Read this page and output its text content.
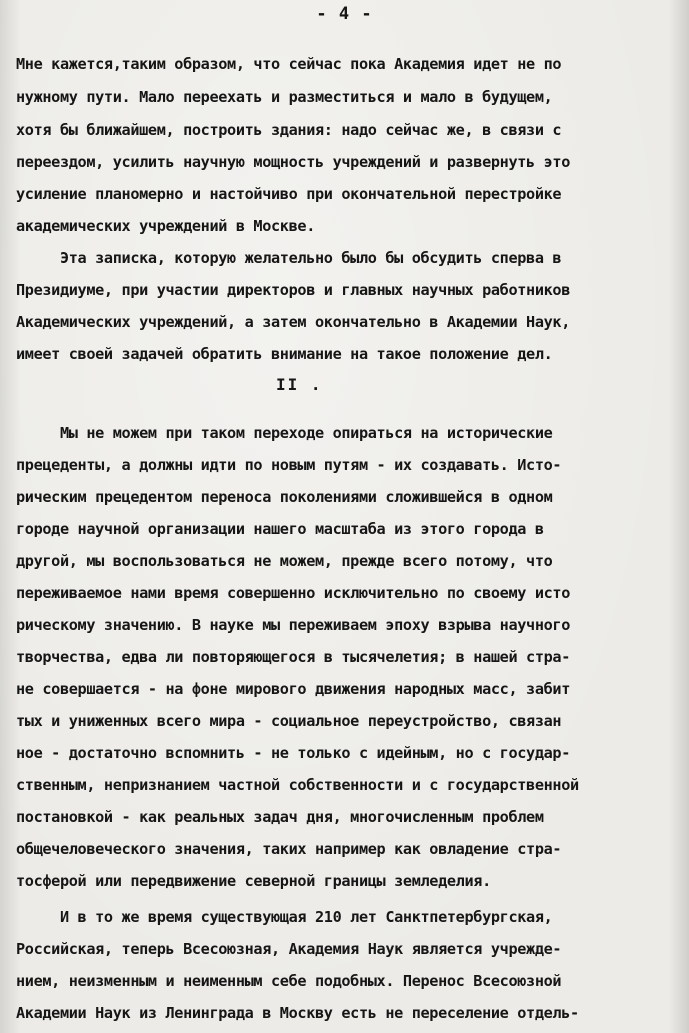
- 4 -
Мне кажется,таким образом, что сейчас пока Академия идет не по
нужному пути. Мало переехать и разместиться и мало в будущем,
хотя бы ближайшем, построить здания: надо сейчас же, в связи с
переездом, усилить научную мощность учреждений и развернуть это
усиление планомерно и настойчиво при окончательной перестройке
академических учреждений в Москве.
Эта записка, которую желательно было бы обсудить сперва в
Президиуме, при участии директоров и главных научных работников
Академических учреждений, а затем окончательно в Академии Наук,
имеет своей задачей обратить внимание на такое положение дел.
II .
Мы не можем при таком переходе опираться на исторические
прецеденты, а должны идти по новым путям - их создавать. Исто-
рическим прецедентом переноса поколениями сложившейся в одном
городе научной организации нашего масштаба из этого города в
другой, мы воспользоваться не можем, прежде всего потому, что
переживаемое нами время совершенно исключительно по своему исто
рическому значению. В науке мы переживаем эпоху взрыва научного
творчества, едва ли повторяющегося в тысячелетия; в нашей стра-
не совершается - на фоне мирового движения народных масс, забит
тых и униженных всего мира - социальное переустройство, связан
ное - достаточно вспомнить - не только с идейным, но с государ-
ственным, непризнанием частной собственности и с государственной
постановкой - как реальных задач дня, многочисленным проблем
общечеловеческого значения, таких например как овладение стра-
тосферой или передвижение северной границы земледелия.
И в то же время существующая 210 лет Санктпетербургская,
Российская, теперь Всесоюзная, Академия Наук является учрежде-
нием, неизменным и неименным себе подобных. Перенос Всесоюзной
Академии Наук из Ленинграда в Москву есть не переселение отдель-
